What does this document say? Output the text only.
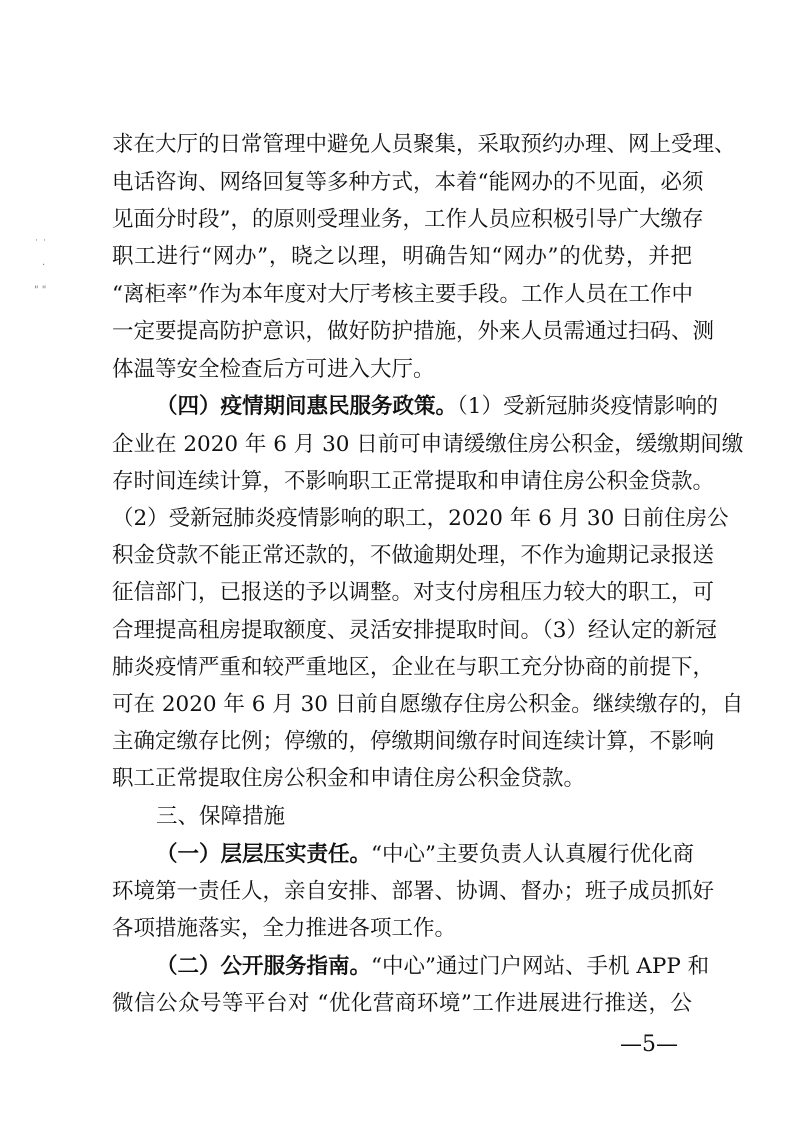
˙ ˙
.
" "
求在大厅的日常管理中避免人员聚集，采取预约办理、网上受理、
电话咨询、网络回复等多种方式，本着“能网办的不见面，必须
见面分时段”，的原则受理业务，工作人员应积极引导广大缴存
职工进行“网办”，晓之以理，明确告知“网办”的优势，并把
“离柜率”作为本年度对大厅考核主要手段。工作人员在工作中
一定要提高防护意识，做好防护措施，外来人员需通过扫码、测
体温等安全检查后方可进入大厅。
（四）疫情期间惠民服务政策。（1）受新冠肺炎疫情影响的
企业在 2020 年 6 月 30 日前可申请缓缴住房公积金，缓缴期间缴
存时间连续计算，不影响职工正常提取和申请住房公积金贷款。
（2）受新冠肺炎疫情影响的职工，2020 年 6 月 30 日前住房公
积金贷款不能正常还款的，不做逾期处理，不作为逾期记录报送
征信部门，已报送的予以调整。对支付房租压力较大的职工，可
合理提高租房提取额度、灵活安排提取时间。（3）经认定的新冠
肺炎疫情严重和较严重地区，企业在与职工充分协商的前提下，
可在 2020 年 6 月 30 日前自愿缴存住房公积金。继续缴存的，自
主确定缴存比例；停缴的，停缴期间缴存时间连续计算，不影响
职工正常提取住房公积金和申请住房公积金贷款。
三、保障措施
（一）层层压实责任。“中心”主要负责人认真履行优化商
环境第一责任人，亲自安排、部署、协调、督办；班子成员抓好
各项措施落实，全力推进各项工作。
（二）公开服务指南。“中心”通过门户网站、手机 APP 和
微信公众号等平台对 “优化营商环境”工作进展进行推送，公
—5—
